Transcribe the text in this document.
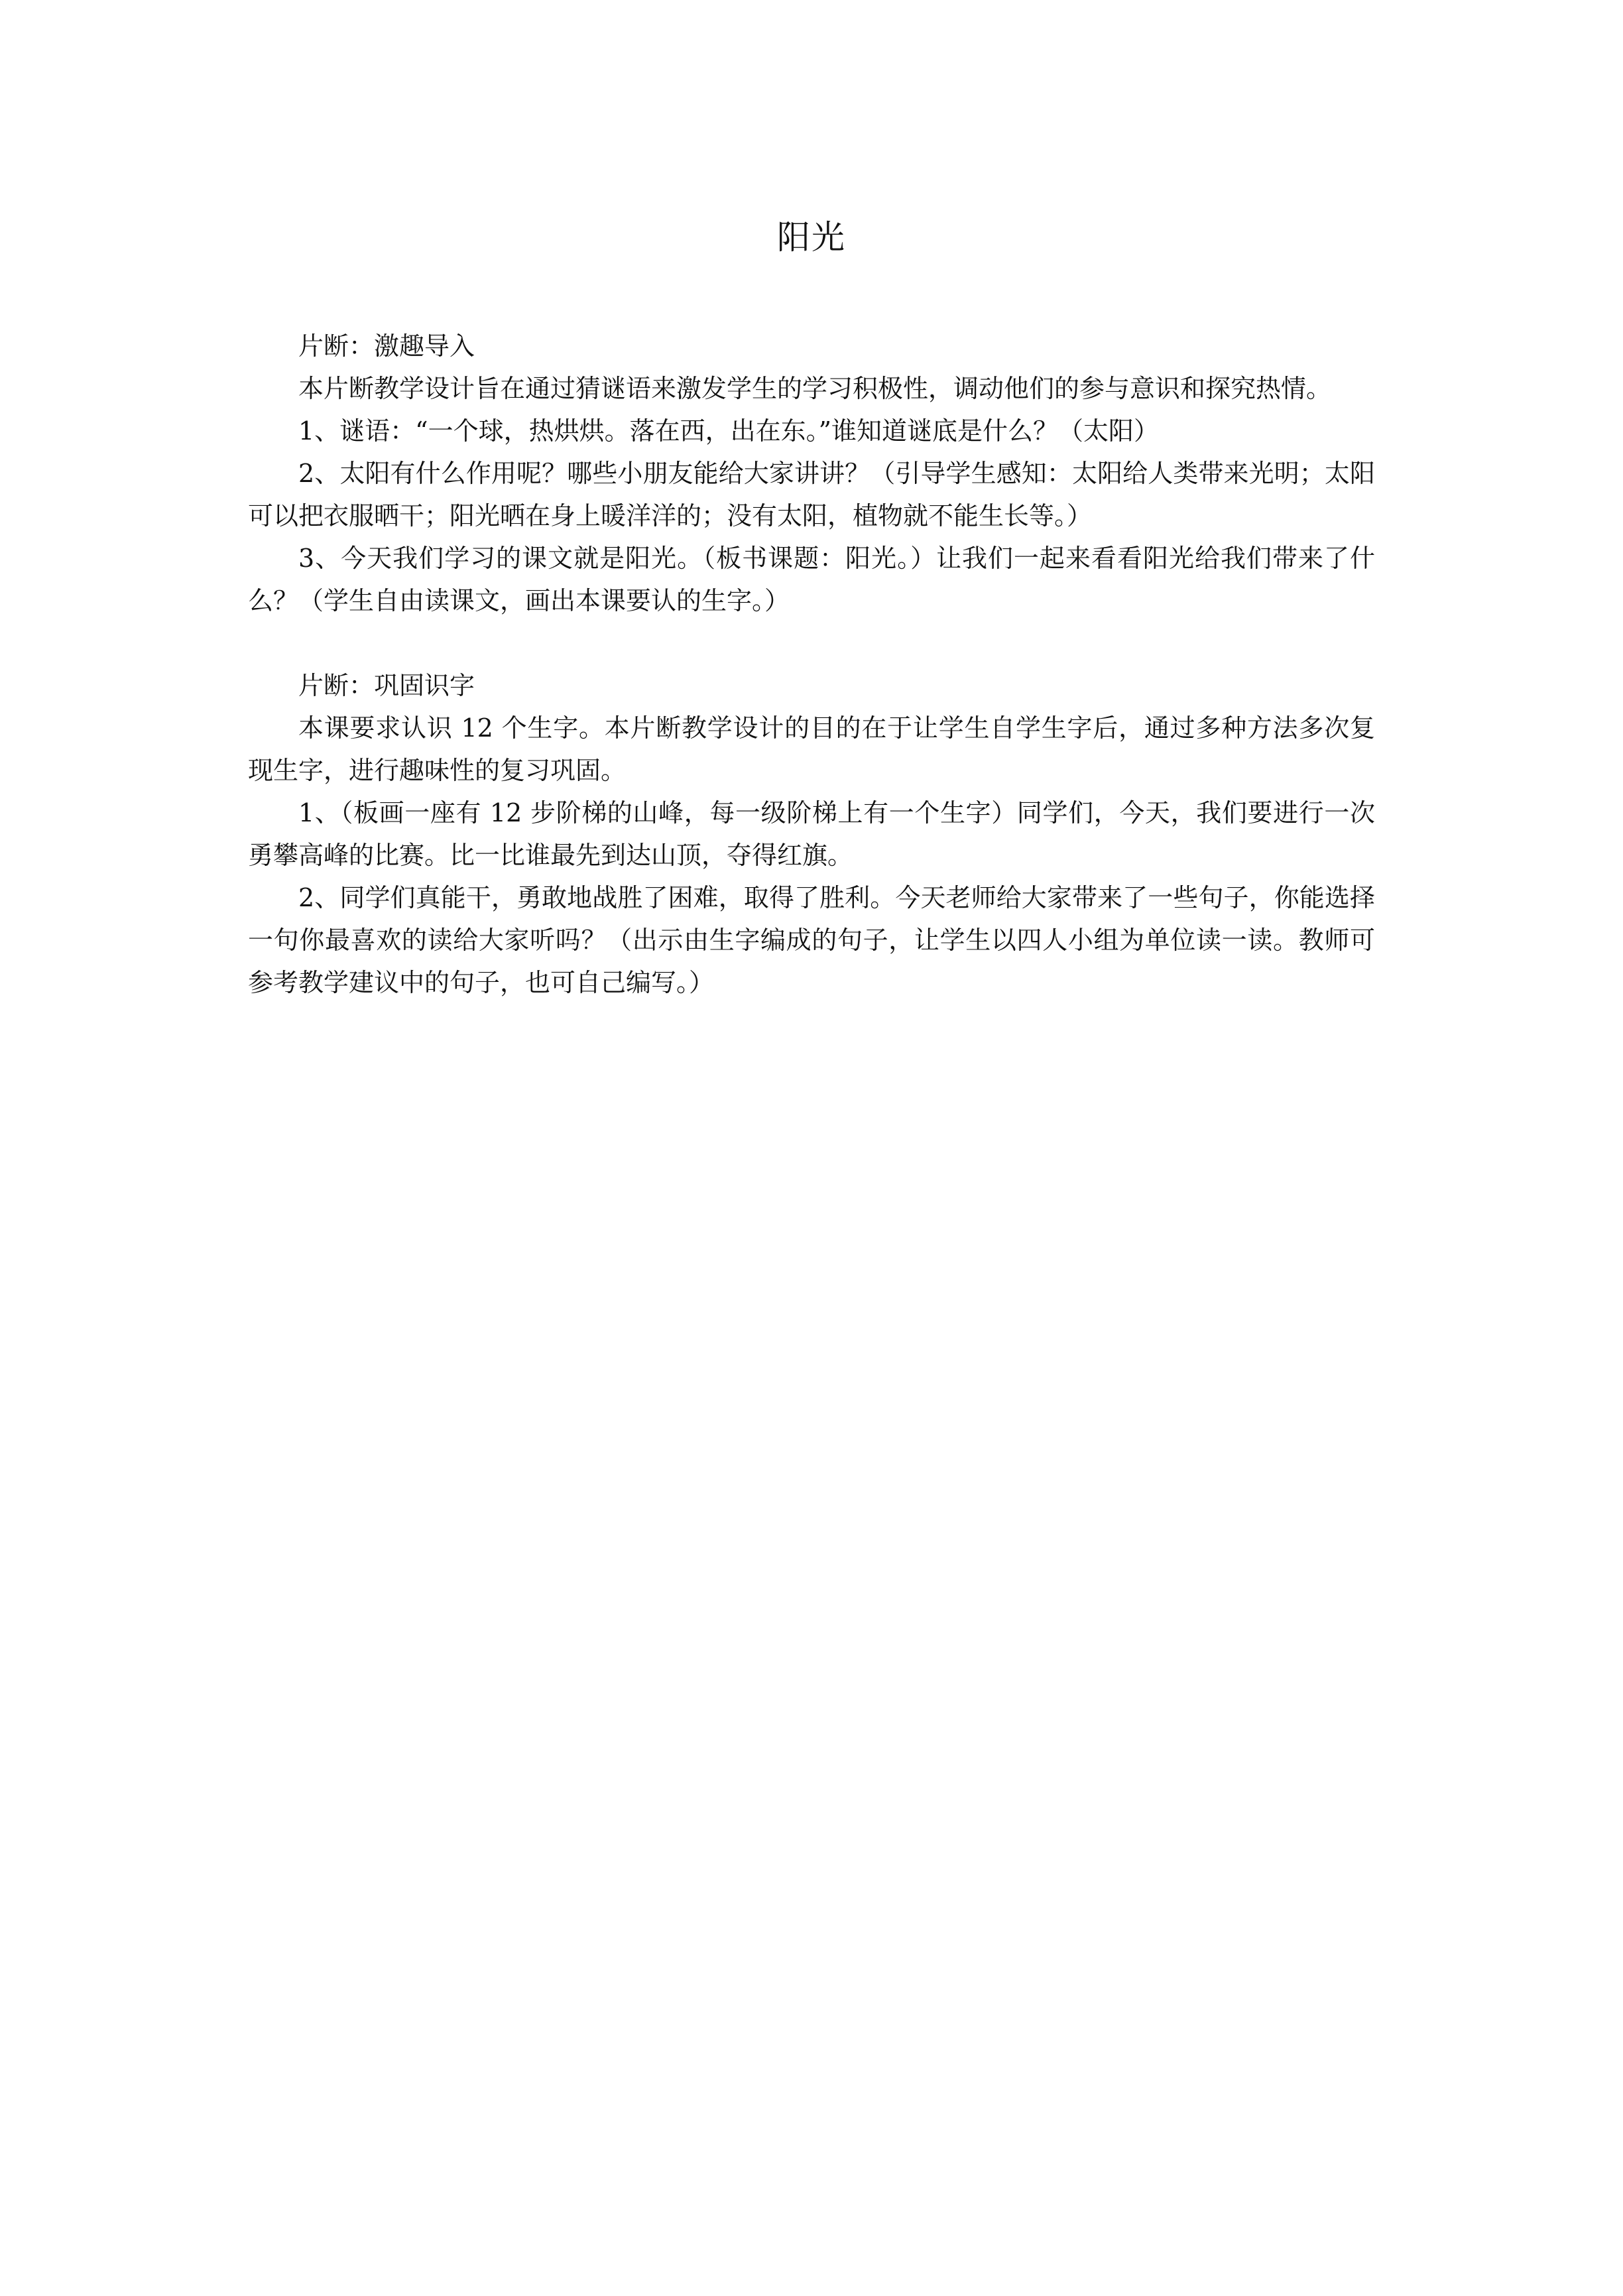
阳光

片断：激趣导入

本片断教学设计旨在通过猜谜语来激发学生的学习积极性，调动他们的参与意识和探究热情。

1、谜语：“一个球，热烘烘。落在西，出在东。”谁知道谜底是什么？（太阳）

2、太阳有什么作用呢？哪些小朋友能给大家讲讲？（引导学生感知：太阳给人类带来光明；太阳可以把衣服晒干；阳光晒在身上暖洋洋的；没有太阳，植物就不能生长等。）

3、今天我们学习的课文就是阳光。（板书课题：阳光。）让我们一起来看看阳光给我们带来了什么？（学生自由读课文，画出本课要认的生字。）

片断：巩固识字

本课要求认识 12 个生字。本片断教学设计的目的在于让学生自学生字后，通过多种方法多次复现生字，进行趣味性的复习巩固。

1、（板画一座有 12 步阶梯的山峰，每一级阶梯上有一个生字）同学们，今天，我们要进行一次勇攀高峰的比赛。比一比谁最先到达山顶，夺得红旗。

2、同学们真能干，勇敢地战胜了困难，取得了胜利。今天老师给大家带来了一些句子，你能选择一句你最喜欢的读给大家听吗？（出示由生字编成的句子，让学生以四人小组为单位读一读。教师可参考教学建议中的句子，也可自己编写。）
